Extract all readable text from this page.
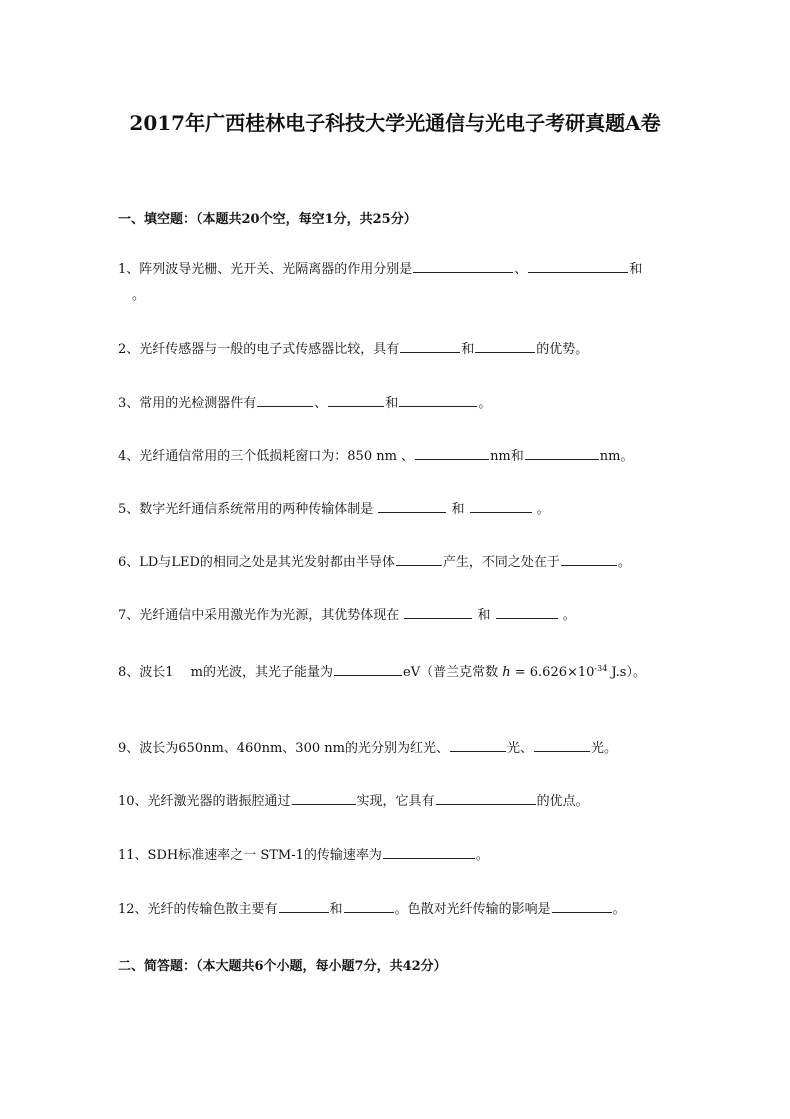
2017年广西桂林电子科技大学光通信与光电子考研真题A卷
一、填空题：（本题共20个空，每空1分，共25分）
1、阵列波导光栅、光开关、光隔离器的作用分别是	、	和
。
2、光纤传感器与一般的电子式传感器比较，具有	和	的优势。
3、常用的光检测器件有	、	和	。
4、光纤通信常用的三个低损耗窗口为：850 nm 、	nm和	nm。
5、数字光纤通信系统常用的两种传输体制是	和	。
6、LD与LED的相同之处是其光发射都由半导体	产生，不同之处在于	。
7、光纤通信中采用激光作为光源，其优势体现在	和	。
8、波长1　 m的光波，其光子能量为	eV（普兰克常数 $h = 6.626\times 10^{-34}$ J.s）。
9、波长为650nm、460nm、300 nm的光分别为红光、	光、	光。
10、光纤激光器的谐振腔通过	实现，它具有	的优点。
11、SDH标准速率之一 STM-1的传输速率为	。
12、光纤的传输色散主要有	和	。色散对光纤传输的影响是	。
二、简答题：（本大题共6个小题，每小题7分，共42分）
